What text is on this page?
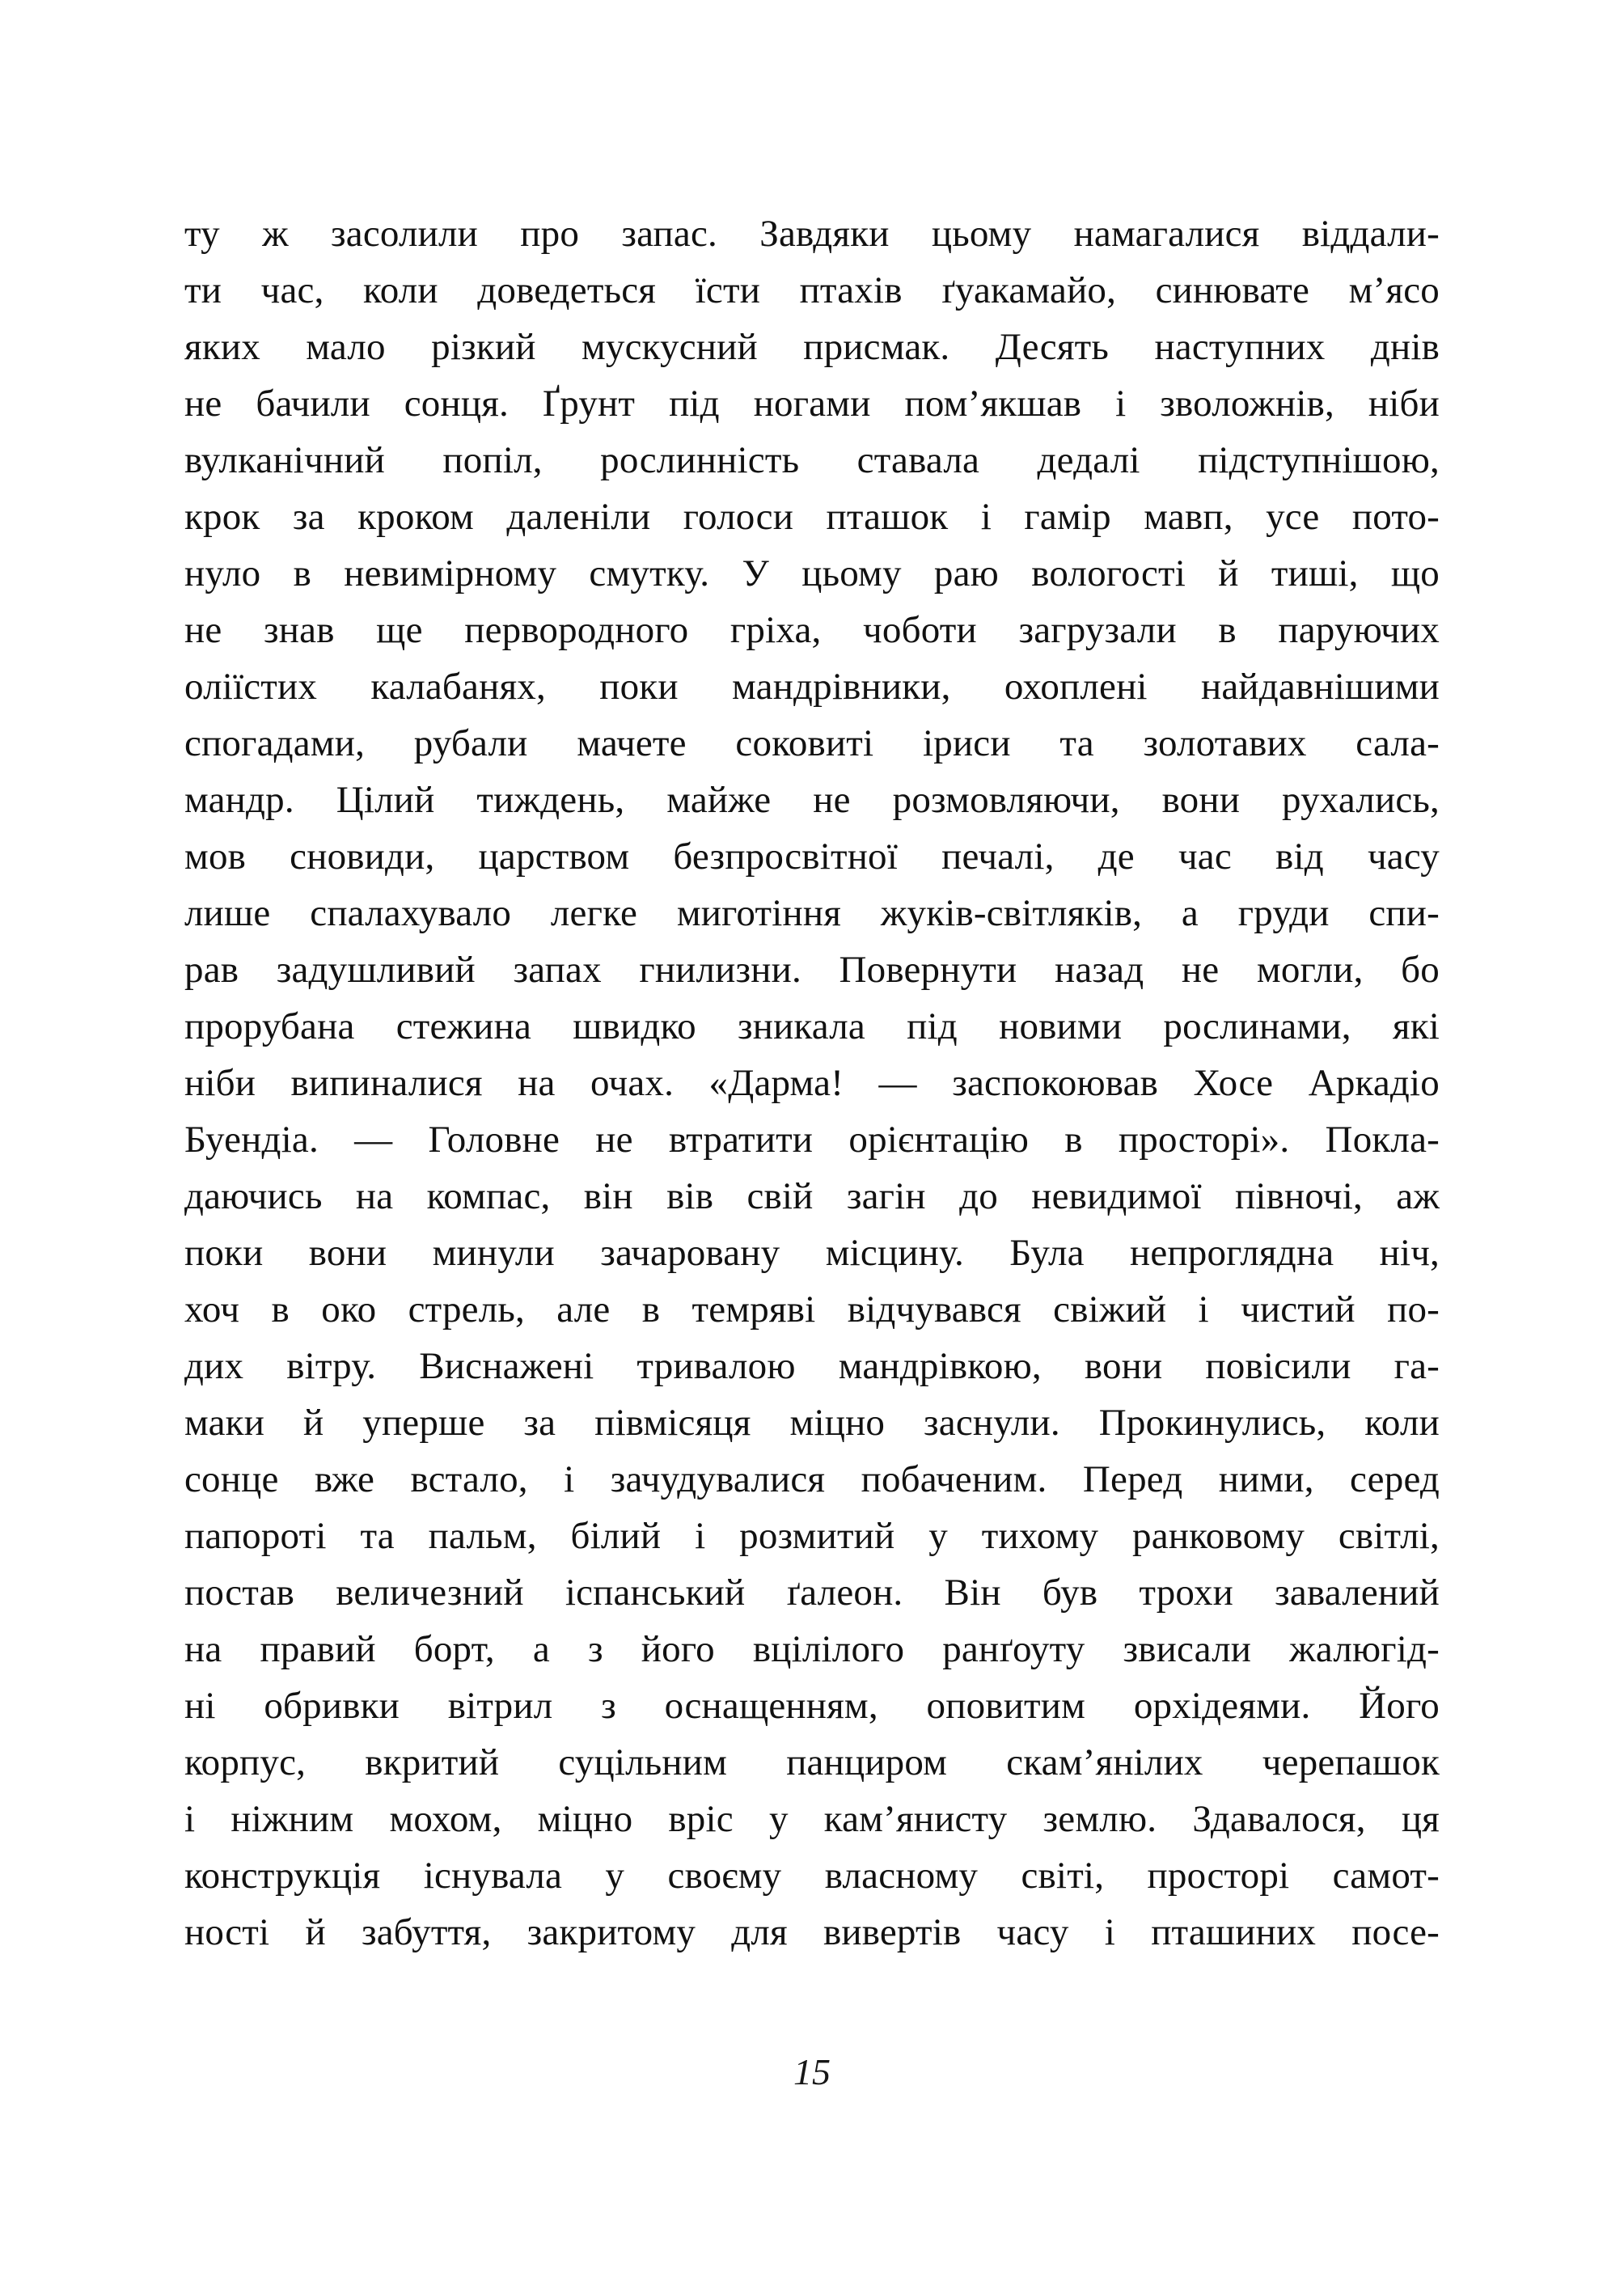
ту ж засолили про запас. Завдяки цьому намагалися віддали-
ти час, коли доведеться їсти птахів ґуакамайо, синювате м’ясо
яких мало різкий мускусний присмак. Десять наступних днів
не бачили сонця. Ґрунт під ногами пом’якшав і зволожнів, ніби
вулканічний попіл, рослинність ставала дедалі підступнішою,
крок за кроком даленіли голоси пташок і гамір мавп, усе пото-
нуло в невимірному смутку. У цьому раю вологості й тиші, що
не знав ще первородного гріха, чоботи загрузали в паруючих
оліїстих калабанях, поки мандрівники, охоплені найдавнішими
спогадами, рубали мачете соковиті іриси та золотавих сала-
мандр. Цілий тиждень, майже не розмовляючи, вони рухались,
мов сновиди, царством безпросвітної печалі, де час від часу
лише спалахувало легке миготіння жуків-світляків, а груди спи-
рав задушливий запах гнилизни. Повернути назад не могли, бо
прорубана стежина швидко зникала під новими рослинами, які
ніби випиналися на очах. «Дарма! — заспокоював Хосе Аркадіо
Буендіа. — Головне не втратити орієнтацію в просторі». Покла-
даючись на компас, він вів свій загін до невидимої півночі, аж
поки вони минули зачаровану місцину. Була непроглядна ніч,
хоч в око стрель, але в темряві відчувався свіжий і чистий по-
дих вітру. Виснажені тривалою мандрівкою, вони повісили га-
маки й уперше за півмісяця міцно заснули. Прокинулись, коли
сонце вже встало, і зачудувалися побаченим. Перед ними, серед
папороті та пальм, білий і розмитий у тихому ранковому світлі,
постав величезний іспанський ґалеон. Він був трохи завалений
на правий борт, а з його вцілілого ранґоуту звисали жалюгід-
ні обривки вітрил з оснащенням, оповитим орхідеями. Його
корпус, вкритий суцільним панциром скам’янілих черепашок
і ніжним мохом, міцно вріс у кам’янисту землю. Здавалося, ця
конструкція існувала у своєму власному світі, просторі самот-
ності й забуття, закритому для вивертів часу і пташиних посе-
15
